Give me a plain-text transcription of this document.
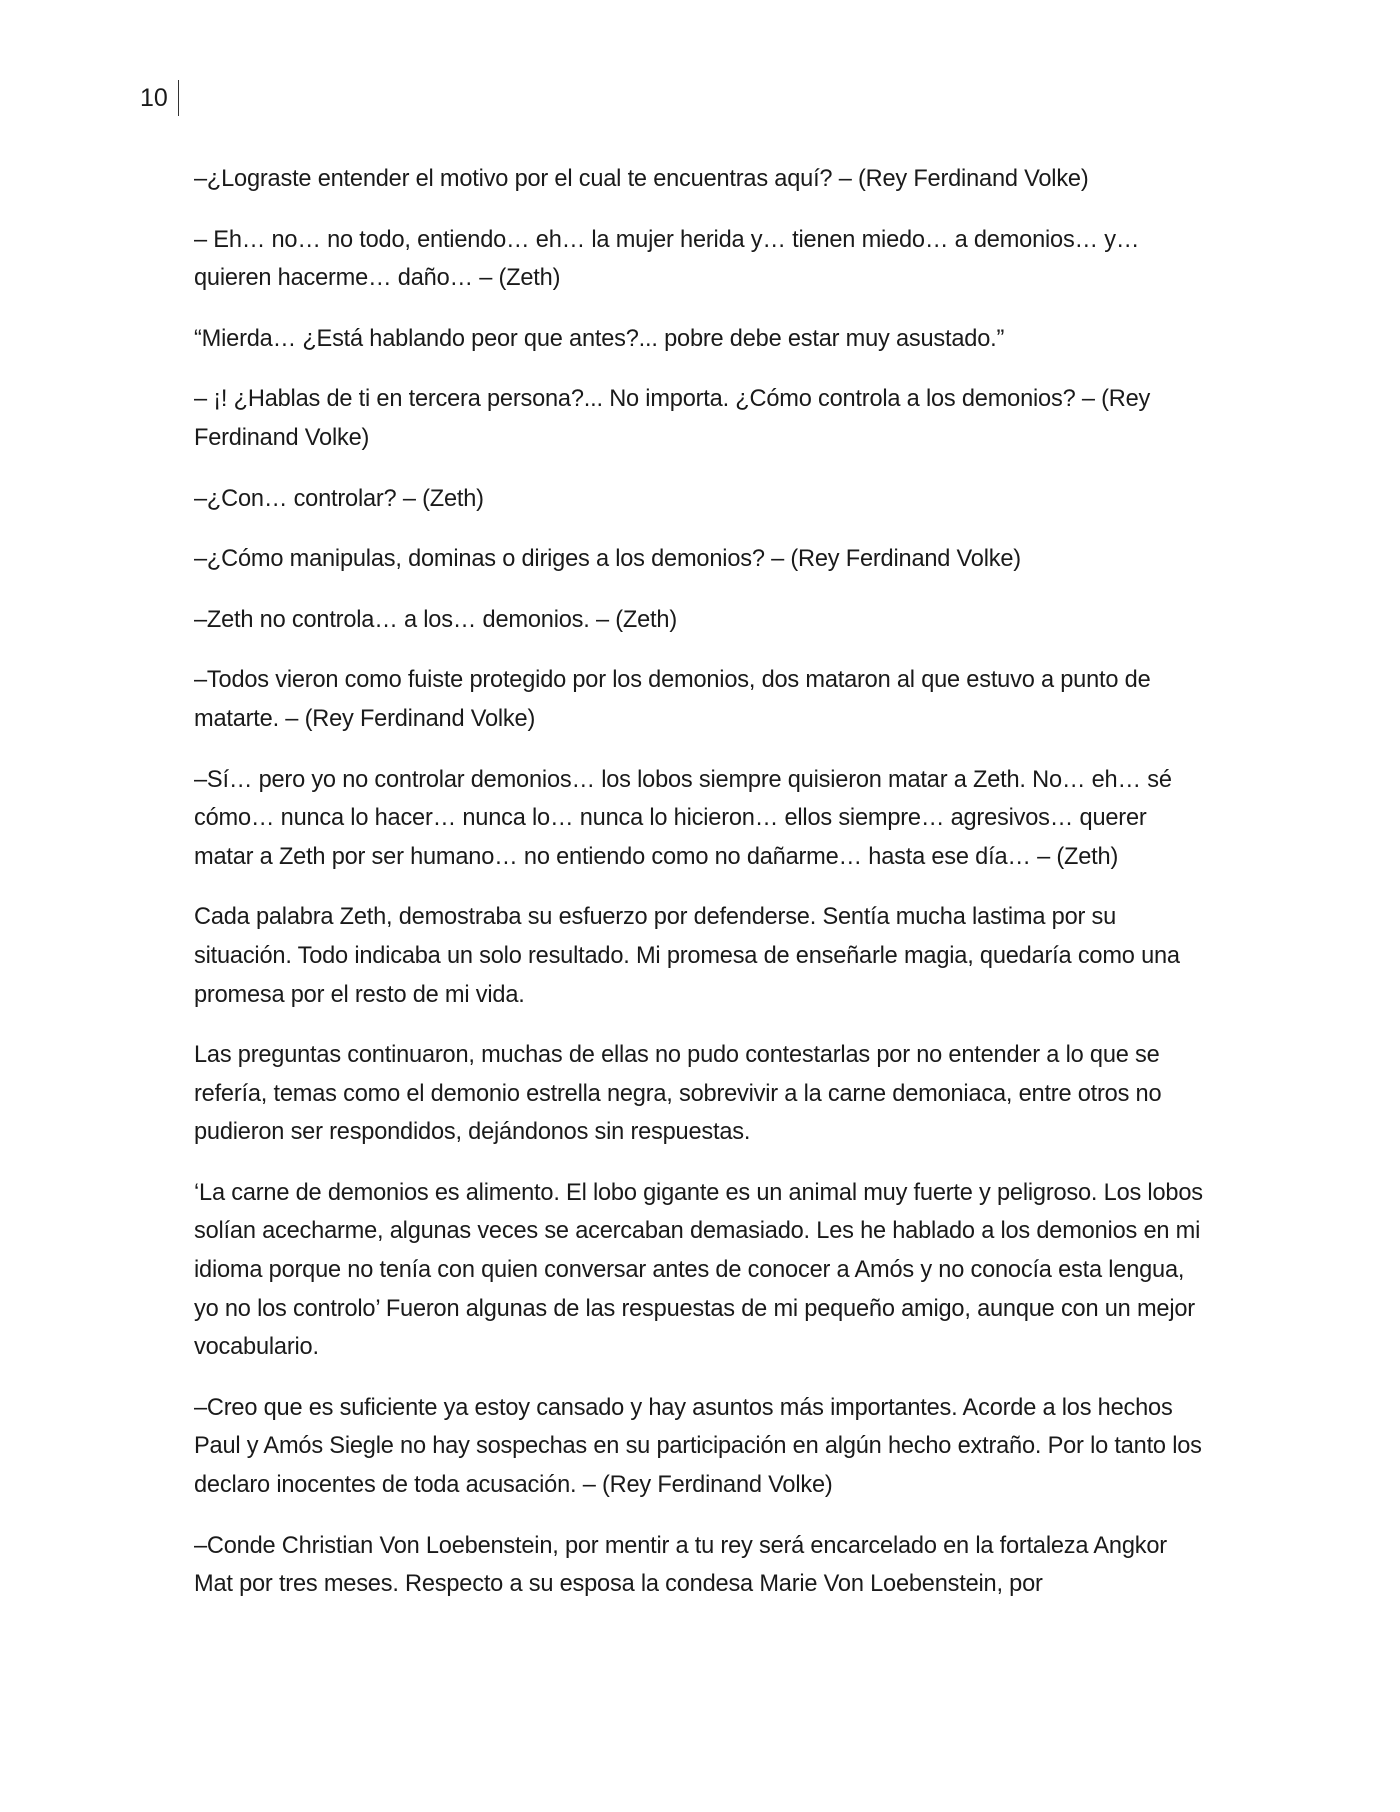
10

–¿Lograste entender el motivo por el cual te encuentras aquí? – (Rey Ferdinand Volke)

– Eh… no… no todo, entiendo… eh… la mujer herida y… tienen miedo… a demonios… y… quieren hacerme… daño… – (Zeth)

“Mierda… ¿Está hablando peor que antes?... pobre debe estar muy asustado.”

– ¡! ¿Hablas de ti en tercera persona?... No importa. ¿Cómo controla a los demonios? – (Rey Ferdinand Volke)

–¿Con… controlar? – (Zeth)

–¿Cómo manipulas, dominas o diriges a los demonios? – (Rey Ferdinand Volke)

–Zeth no controla… a los… demonios. – (Zeth)

–Todos vieron como fuiste protegido por los demonios, dos mataron al que estuvo a punto de matarte. – (Rey Ferdinand Volke)

–Sí… pero yo no controlar demonios… los lobos siempre quisieron matar a Zeth. No… eh… sé cómo… nunca lo hacer… nunca lo… nunca lo hicieron… ellos siempre… agresivos… querer matar a Zeth por ser humano… no entiendo como no dañarme… hasta ese día… – (Zeth)

Cada palabra Zeth, demostraba su esfuerzo por defenderse. Sentía mucha lastima por su situación. Todo indicaba un solo resultado. Mi promesa de enseñarle magia, quedaría como una promesa por el resto de mi vida.

Las preguntas continuaron, muchas de ellas no pudo contestarlas por no entender a lo que se refería, temas como el demonio estrella negra, sobrevivir a la carne demoniaca, entre otros no pudieron ser respondidos, dejándonos sin respuestas.

‘La carne de demonios es alimento. El lobo gigante es un animal muy fuerte y peligroso. Los lobos solían acecharme, algunas veces se acercaban demasiado. Les he hablado a los demonios en mi idioma porque no tenía con quien conversar antes de conocer a Amós y no conocía esta lengua, yo no los controlo’ Fueron algunas de las respuestas de mi pequeño amigo, aunque con un mejor vocabulario.

–Creo que es suficiente ya estoy cansado y hay asuntos más importantes. Acorde a los hechos Paul y Amós Siegle no hay sospechas en su participación en algún hecho extraño. Por lo tanto los declaro inocentes de toda acusación. – (Rey Ferdinand Volke)

–Conde Christian Von Loebenstein, por mentir a tu rey será encarcelado en la fortaleza Angkor Mat por tres meses. Respecto a su esposa la condesa Marie Von Loebenstein, por
